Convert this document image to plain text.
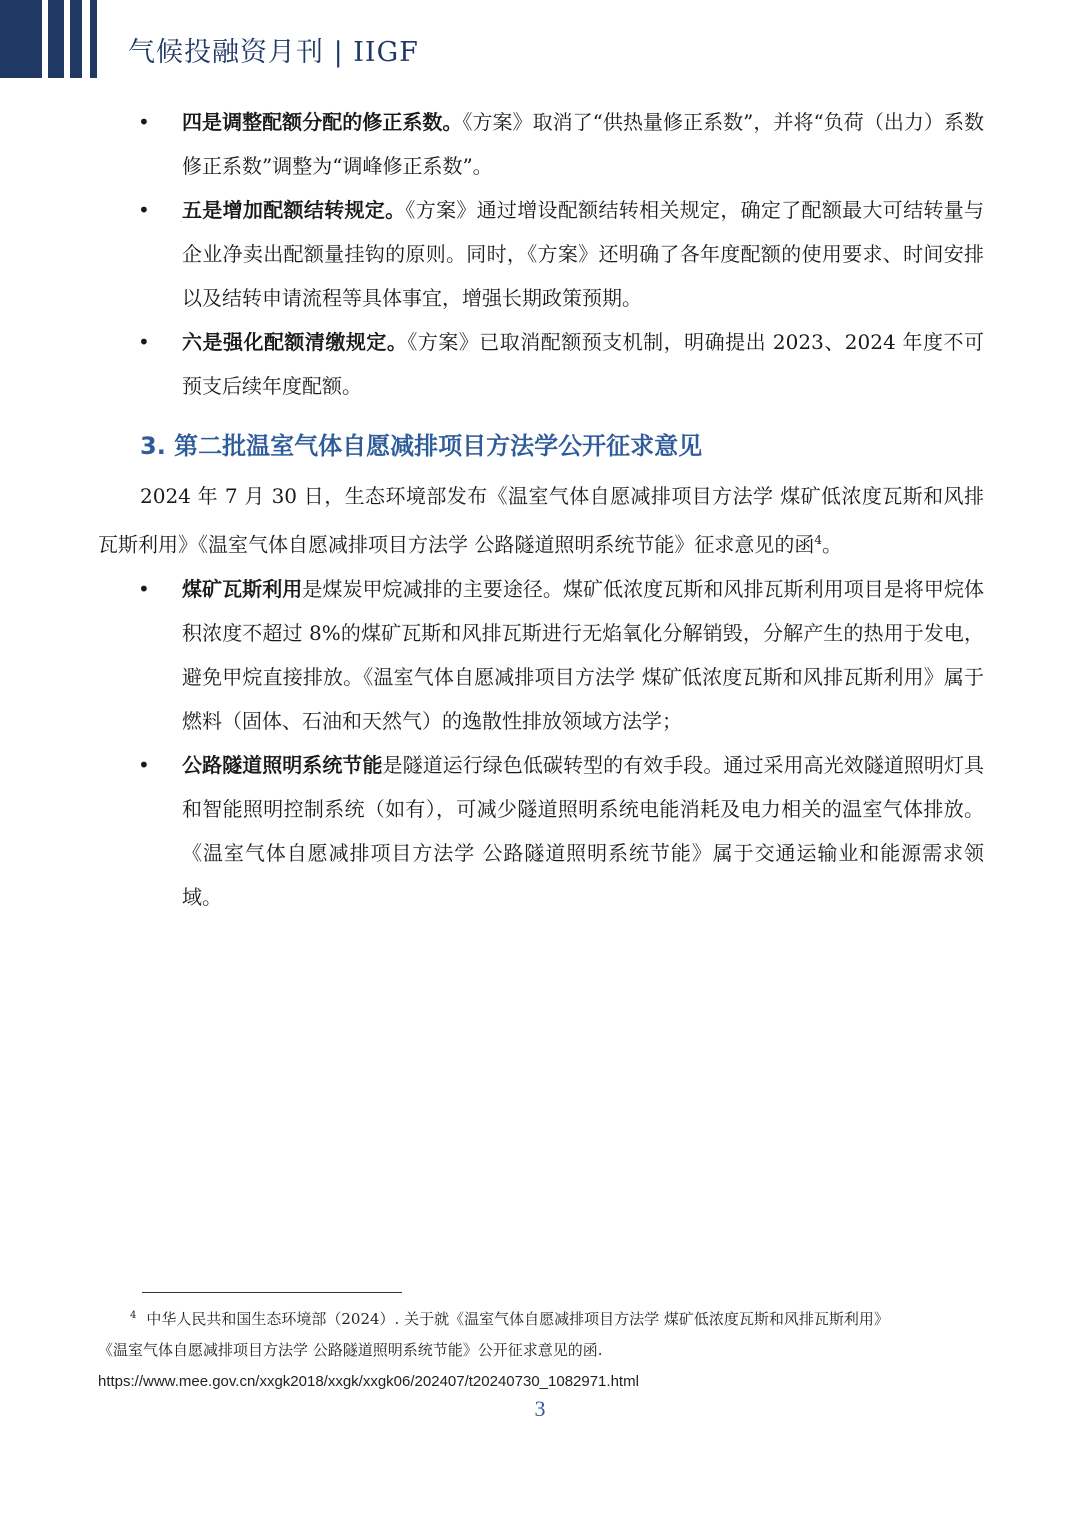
气候投融资月刊 | IIGF
• 四是调整配额分配的修正系数。《方案》取消了“供热量修正系数”，并将“负荷（出力）系数修正系数”调整为“调峰修正系数”。

• 五是增加配额结转规定。《方案》通过增设配额结转相关规定，确定了配额最大可结转量与企业净卖出配额量挂钩的原则。同时，《方案》还明确了各年度配额的使用要求、时间安排以及结转申请流程等具体事宜，增强长期政策预期。

• 六是强化配额清缴规定。《方案》已取消配额预支机制，明确提出 2023、2024 年度不可预支后续年度配额。

3. 第二批温室气体自愿减排项目方法学公开征求意见

2024 年 7 月 30 日，生态环境部发布《温室气体自愿减排项目方法学 煤矿低浓度瓦斯和风排瓦斯利用》《温室气体自愿减排项目方法学 公路隧道照明系统节能》征求意见的函$^4$。

• 煤矿瓦斯利用是煤炭甲烷减排的主要途径。煤矿低浓度瓦斯和风排瓦斯利用项目是将甲烷体积浓度不超过 8%的煤矿瓦斯和风排瓦斯进行无焰氧化分解销毁，分解产生的热用于发电，避免甲烷直接排放。《温室气体自愿减排项目方法学 煤矿低浓度瓦斯和风排瓦斯利用》属于燃料（固体、石油和天然气）的逸散性排放领域方法学；

• 公路隧道照明系统节能是隧道运行绿色低碳转型的有效手段。通过采用高光效隧道照明灯具和智能照明控制系统（如有），可减少隧道照明系统电能消耗及电力相关的温室气体排放。《温室气体自愿减排项目方法学 公路隧道照明系统节能》属于交通运输业和能源需求领域。

$^4$ 中华人民共和国生态环境部（2024）. 关于就《温室气体自愿减排项目方法学 煤矿低浓度瓦斯和风排瓦斯利用》

《温室气体自愿减排项目方法学 公路隧道照明系统节能》公开征求意见的函.

https://www.mee.gov.cn/xxgk2018/xxgk/xxgk06/202407/t20240730_1082971.html

3
